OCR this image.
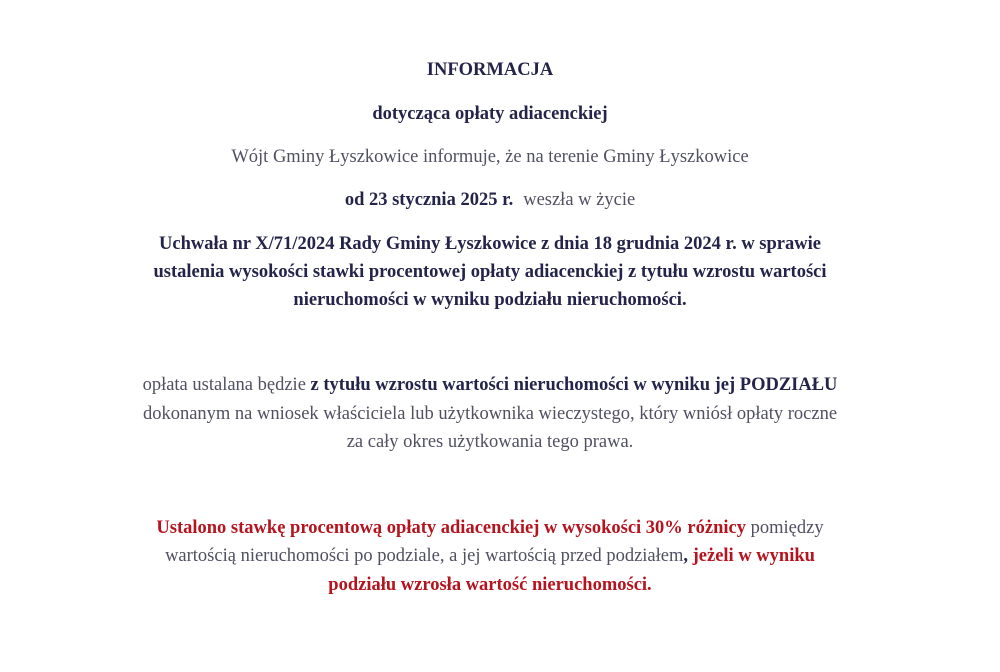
INFORMACJA
dotycząca opłaty adiacenckiej
Wójt Gminy Łyszkowice informuje, że na terenie Gminy Łyszkowice
od 23 stycznia 2025 r. weszła w życie
Uchwała nr X/71/2024 Rady Gminy Łyszkowice z dnia 18 grudnia 2024 r. w sprawie
ustalenia wysokości stawki procentowej opłaty adiacenckiej z tytułu wzrostu wartości
nieruchomości w wyniku podziału nieruchomości.
opłata ustalana będzie z tytułu wzrostu wartości nieruchomości w wyniku jej PODZIAŁU
dokonanym na wniosek właściciela lub użytkownika wieczystego, który wniósł opłaty roczne
za cały okres użytkowania tego prawa.
Ustalono stawkę procentową opłaty adiacenckiej w wysokości 30% różnicy pomiędzy
wartością nieruchomości po podziale, a jej wartością przed podziałem, jeżeli w wyniku
podziału wzrosła wartość nieruchomości.
